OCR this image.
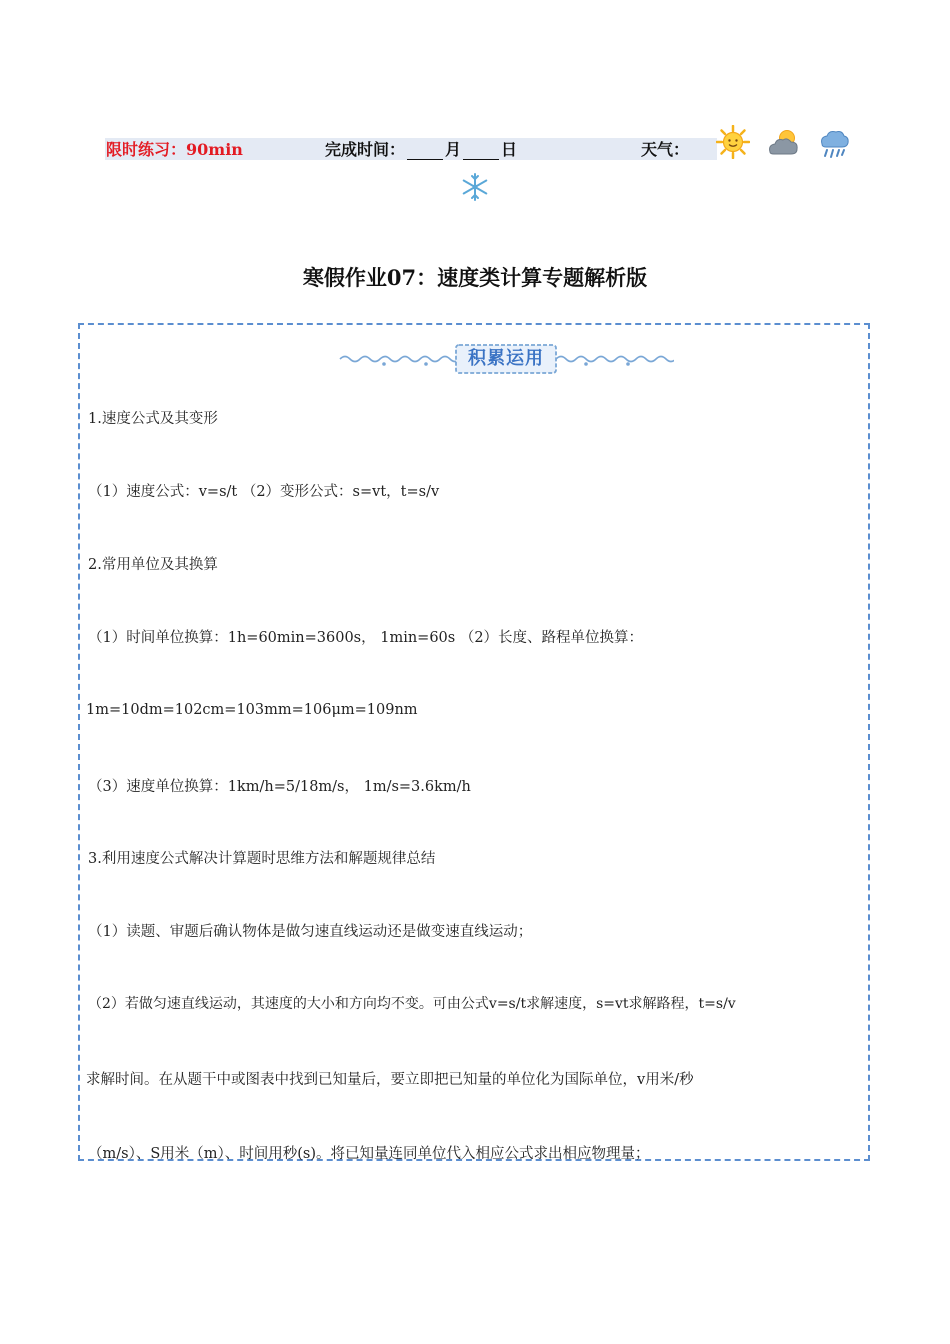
限时练习：90min	完成时间：	月	日	天气：
寒假作业07：速度类计算专题解析版
积累运用
1.速度公式及其变形
（1）速度公式：v=s/t （2）变形公式：s=vt，t=s/v
2.常用单位及其换算
（1）时间单位换算：1h=60min=3600s， 1min=60s （2）长度、路程单位换算：
1m=10dm=102cm=103mm=106μm=109nm
（3）速度单位换算：1km/h=5/18m/s， 1m/s=3.6km/h
3.利用速度公式解决计算题时思维方法和解题规律总结
（1）读题、审题后确认物体是做匀速直线运动还是做变速直线运动；
（2）若做匀速直线运动，其速度的大小和方向均不变。可由公式v=s/t求解速度，s=vt求解路程，t=s/v
求解时间。在从题干中或图表中找到已知量后，要立即把已知量的单位化为国际单位，v用米/秒
（m/s）、S用米（m）、时间用秒(s)。将已知量连同单位代入相应公式求出相应物理量；
